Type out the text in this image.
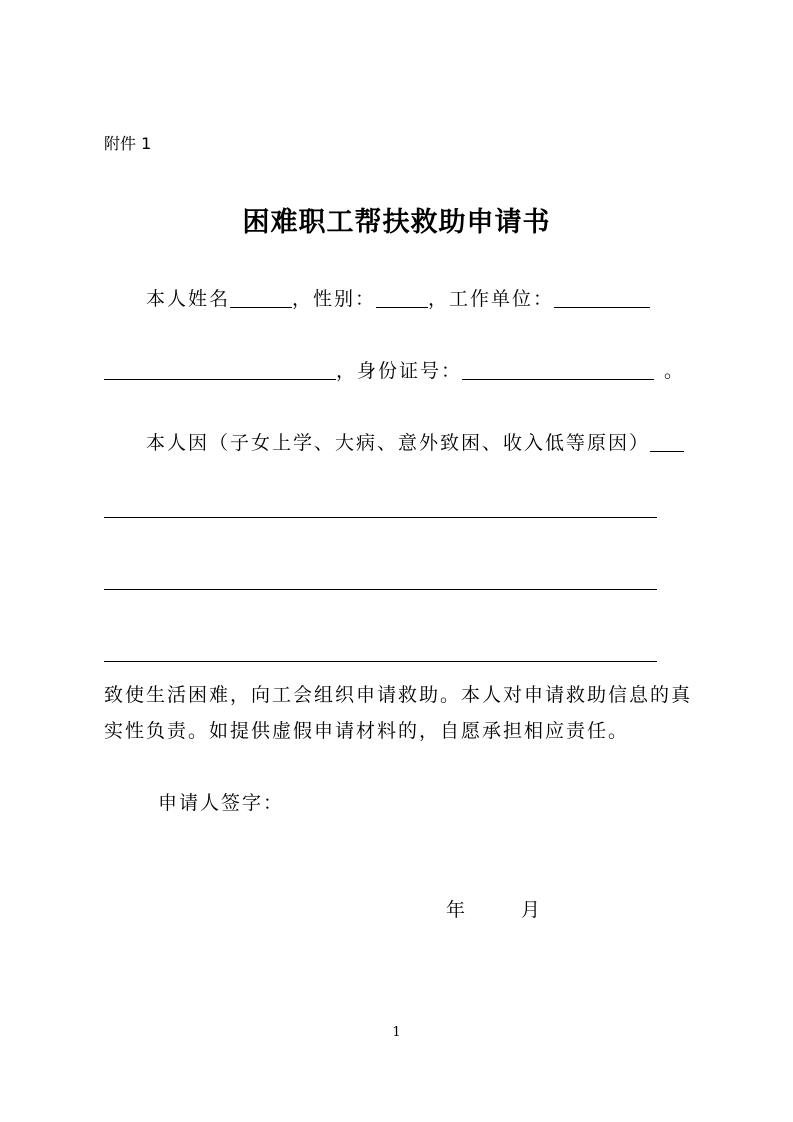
附件 1
困难职工帮扶救助申请书
本人姓名	，性别：	，工作单位：
，身份证号：	。
本人因（子女上学、大病、意外致困、收入低等原因）
致使生活困难，向工会组织申请救助。本人对申请救助信息的真
实性负责。如提供虚假申请材料的，自愿承担相应责任。
申请人签字：
年	月
1
